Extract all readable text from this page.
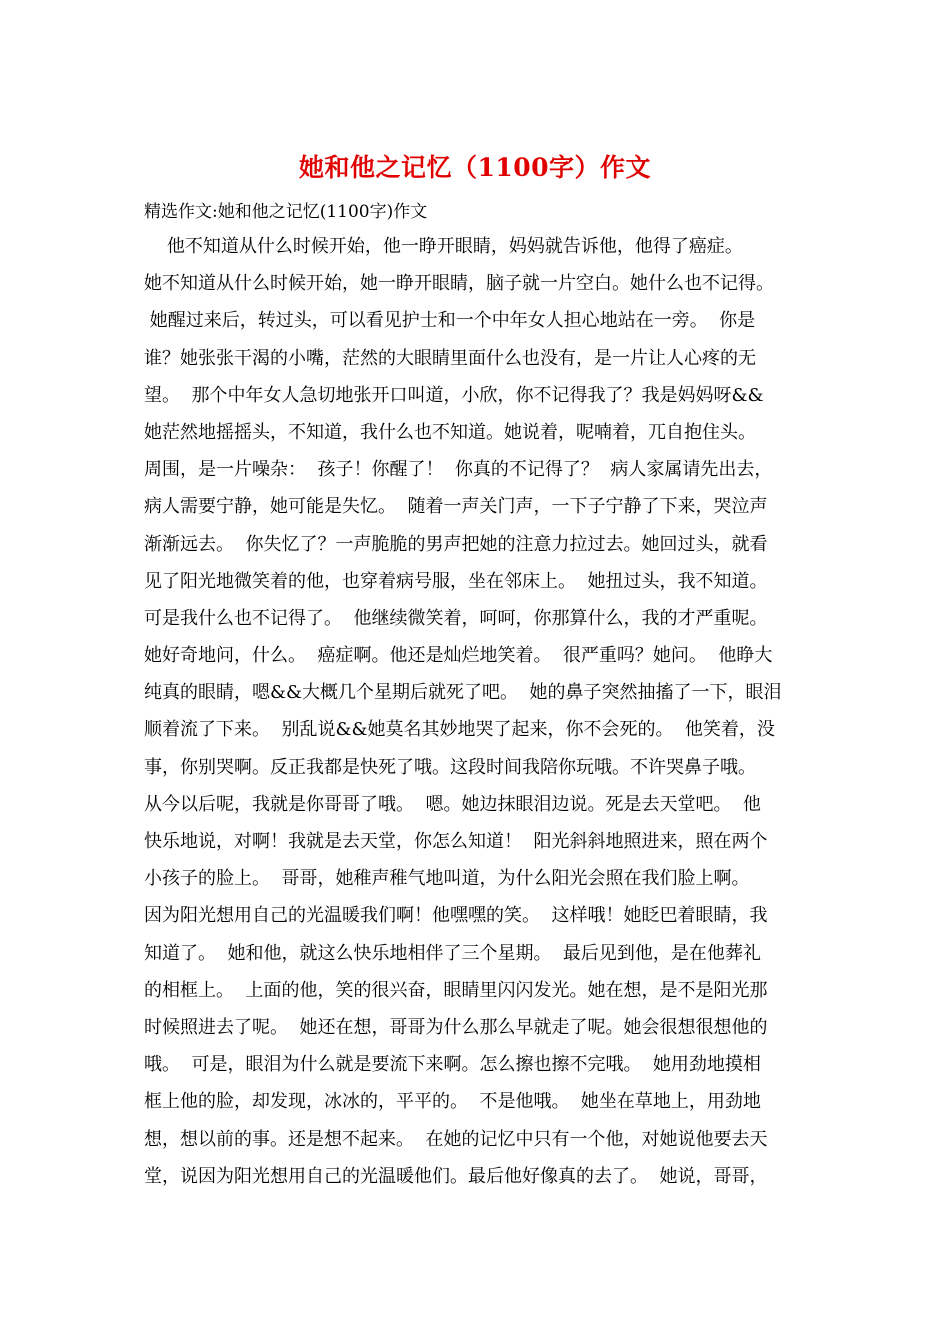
她和他之记忆（1100字）作文
精选作文:她和他之记忆(1100字)作文
他不知道从什么时候开始，他一睁开眼睛，妈妈就告诉他，他得了癌症。
她不知道从什么时候开始，她一睁开眼睛，脑子就一片空白。她什么也不记得。
她醒过来后，转过头，可以看见护士和一个中年女人担心地站在一旁。  你是
谁？她张张干渴的小嘴，茫然的大眼睛里面什么也没有，是一片让人心疼的无
望。  那个中年女人急切地张开口叫道，小欣，你不记得我了？我是妈妈呀&&
她茫然地摇摇头，不知道，我什么也不知道。她说着，呢喃着，兀自抱住头。
周围，是一片噪杂：  孩子！你醒了！  你真的不记得了？  病人家属请先出去，
病人需要宁静，她可能是失忆。  随着一声关门声，一下子宁静了下来，哭泣声
渐渐远去。  你失忆了？一声脆脆的男声把她的注意力拉过去。她回过头，就看
见了阳光地微笑着的他，也穿着病号服，坐在邻床上。  她扭过头，我不知道。
可是我什么也不记得了。  他继续微笑着，呵呵，你那算什么，我的才严重呢。
她好奇地问，什么。  癌症啊。他还是灿烂地笑着。  很严重吗？她问。  他睁大
纯真的眼睛，嗯&&大概几个星期后就死了吧。  她的鼻子突然抽搐了一下，眼泪
顺着流了下来。  别乱说&&她莫名其妙地哭了起来，你不会死的。  他笑着，没
事，你别哭啊。反正我都是快死了哦。这段时间我陪你玩哦。不许哭鼻子哦。
从今以后呢，我就是你哥哥了哦。  嗯。她边抹眼泪边说。死是去天堂吧。  他
快乐地说，对啊！我就是去天堂，你怎么知道！  阳光斜斜地照进来，照在两个
小孩子的脸上。  哥哥，她稚声稚气地叫道，为什么阳光会照在我们脸上啊。
因为阳光想用自己的光温暖我们啊！他嘿嘿的笑。  这样哦！她眨巴着眼睛，我
知道了。  她和他，就这么快乐地相伴了三个星期。  最后见到他，是在他葬礼
的相框上。  上面的他，笑的很兴奋，眼睛里闪闪发光。她在想，是不是阳光那
时候照进去了呢。  她还在想，哥哥为什么那么早就走了呢。她会很想很想他的
哦。  可是，眼泪为什么就是要流下来啊。怎么擦也擦不完哦。  她用劲地摸相
框上他的脸，却发现，冰冰的，平平的。  不是他哦。  她坐在草地上，用劲地
想，想以前的事。还是想不起来。  在她的记忆中只有一个他，对她说他要去天
堂，说因为阳光想用自己的光温暖他们。最后他好像真的去了。  她说，哥哥，
